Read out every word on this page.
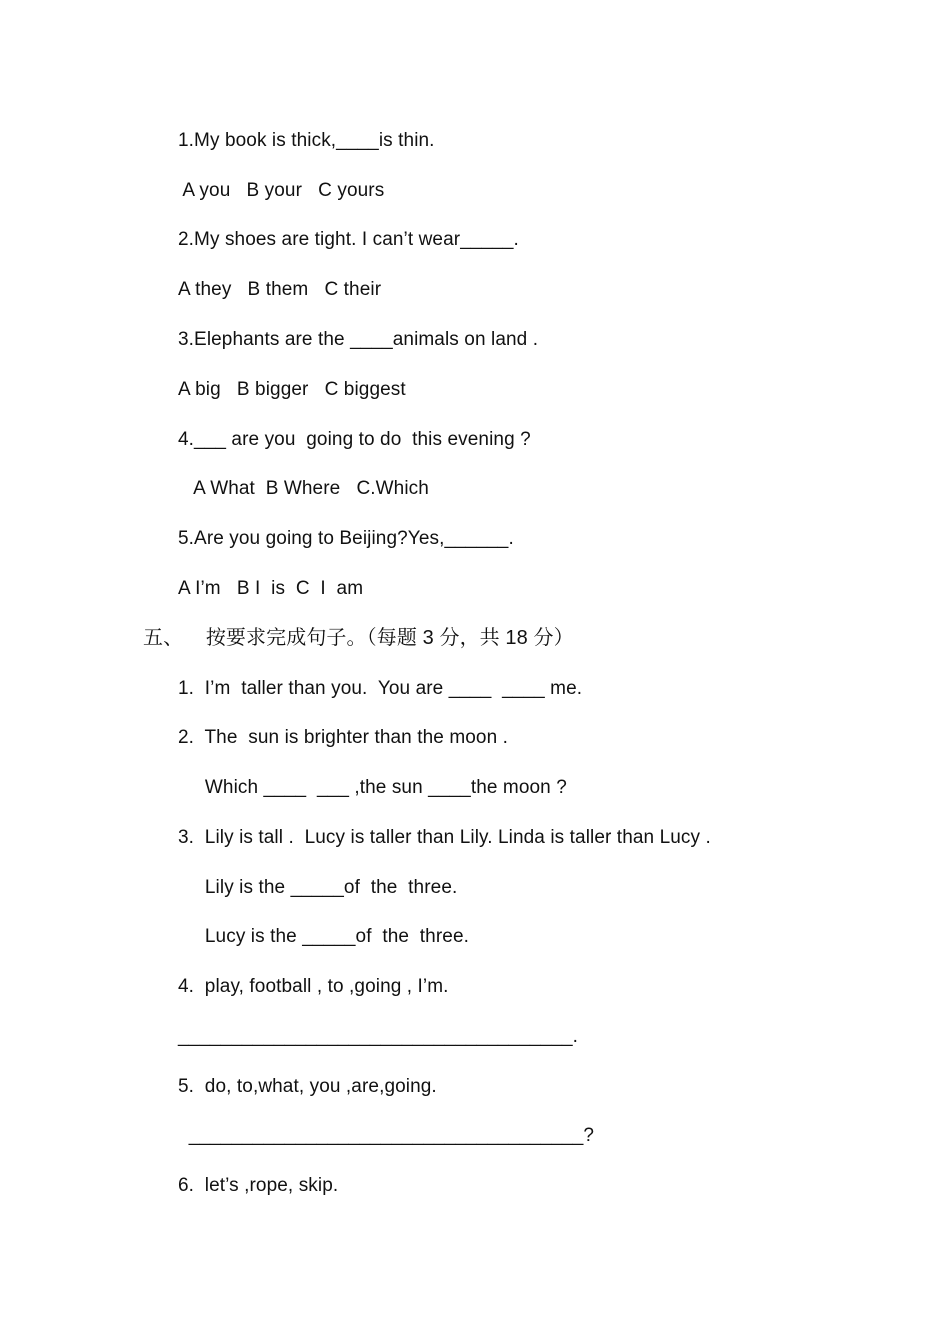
1.My book is thick,____is thin.
A you   B your   C yours
2.My shoes are tight. I can’t wear_____.
A they   B them   C their
3.Elephants are the ____animals on land .
A big   B bigger   C biggest
4.___ are you  going to do  this evening ?
A What  B Where   C.Which
5.Are you going to Beijing?Yes,______.
A I’m   B I  is  C  I  am
五、    按要求完成句子。（每题 3 分，共 18 分）
1.  I’m  taller than you.  You are ____  ____ me.
2.  The  sun is brighter than the moon .
Which ____  ___ ,the sun ____the moon ?
3.  Lily is tall .  Lucy is taller than Lily. Linda is taller than Lucy .
Lily is the _____of  the  three.
Lucy is the _____of  the  three.
4.  play, football , to ,going , I’m.
_____________________________________.
5.  do, to,what, you ,are,going.
_____________________________________?
6.  let’s ,rope, skip.
